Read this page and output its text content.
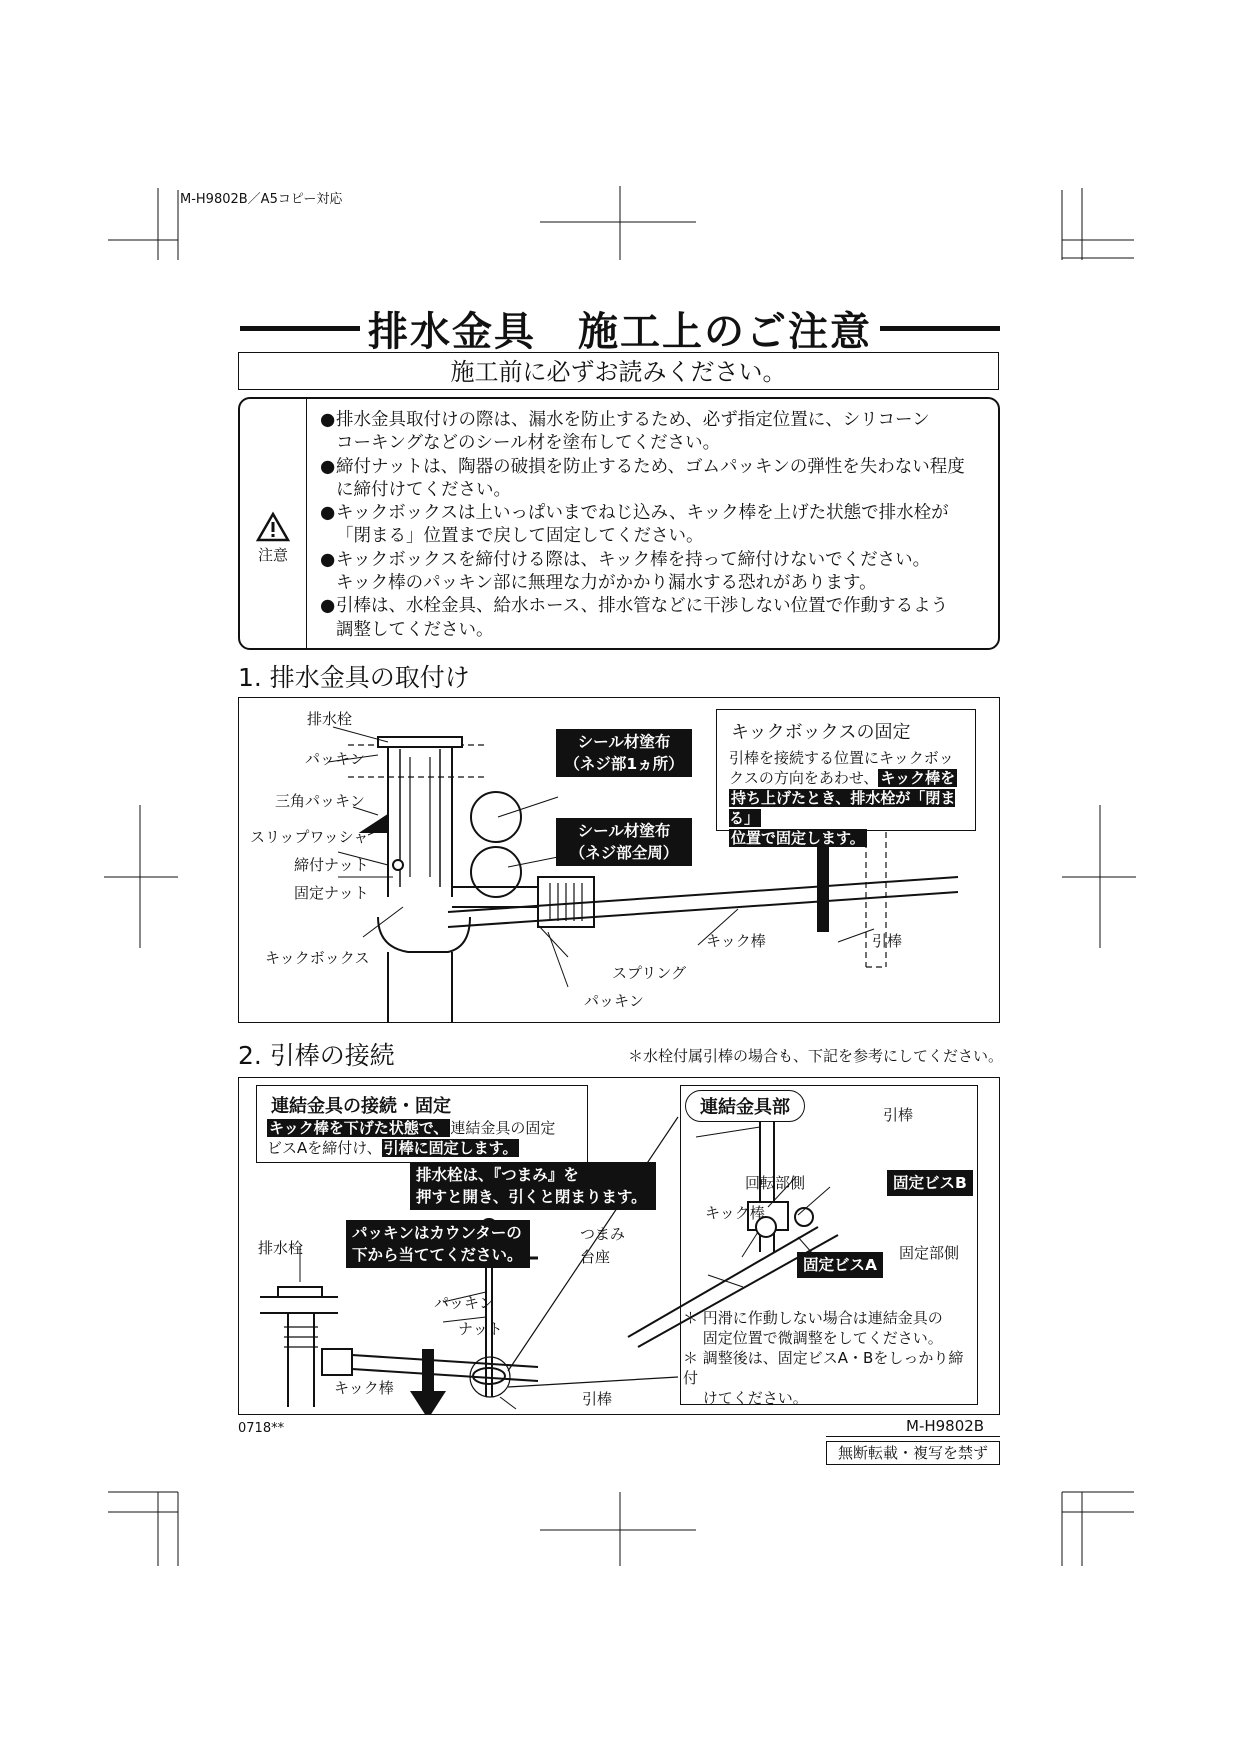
M-H9802B／A5コピー対応
排水金具　施工上のご注意
施工前に必ずお読みください。
注意
● 排水金具取付けの際は、漏水を防止するため、必ず指定位置に、シリコーン
コーキングなどのシール材を塗布してください。
● 締付ナットは、陶器の破損を防止するため、ゴムパッキンの弾性を失わない程度
に締付けてください。
● キックボックスは上いっぱいまでねじ込み、キック棒を上げた状態で排水栓が
「閉まる」位置まで戻して固定してください。
● キックボックスを締付ける際は、キック棒を持って締付けないでください。
キック棒のパッキン部に無理な力がかかり漏水する恐れがあります。
● 引棒は、水栓金具、給水ホース、排水管などに干渉しない位置で作動するよう
調整してください。
1. 排水金具の取付け
排水栓
パッキン
三角パッキン
スリップワッシャ
締付ナット
固定ナット
キックボックス
キック棒	引棒
スプリング
パッキン
シール材塗布
（ネジ部1ヵ所）
シール材塗布
（ネジ部全周）
キックボックスの固定
引棒を接続する位置にキックボッ
クスの方向をあわせ、 キック棒を
持ち上げたとき、排水栓が「閉まる」
位置で固定します。
2. 引棒の接続	＊水栓付属引棒の場合も、下記を参考にしてください。
連結金具の接続・固定
キック棒を下げた状態で、 連結金具の固定
ビスAを締付け、 引棒に固定します。
排水栓は、『つまみ』を
押すと開き、引くと閉まります。
パッキンはカウンターの
下から当ててください。
排水栓
つまみ
台座
パッキン
ナット
キック棒
引棒
連結金具部	引棒
回転部側
キック棒
固定ビスB
固定ビスA
固定部側
＊ 円滑に作動しない場合は連結金具の
　 固定位置で微調整をしてください。
＊ 調整後は、固定ビスA・Bをしっかり締付
　 けてください。
0718**	M-H9802B
無断転載・複写を禁ず
